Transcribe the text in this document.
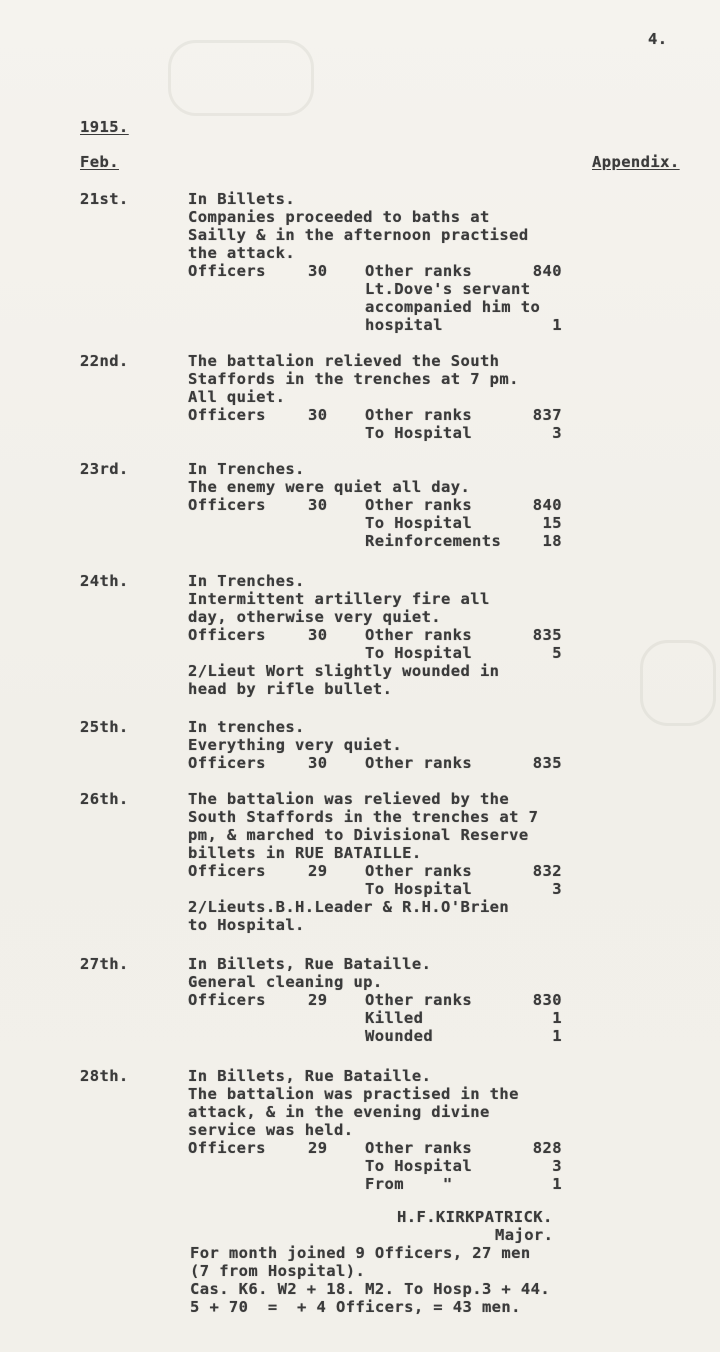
4.
1915.
Feb.	Appendix.
21st.	In Billets.
Companies proceeded to baths at
Sailly & in the afternoon practised
the attack.
Officers	30 Other ranks	840
Lt.Dove's servant
accompanied him to
hospital	1
22nd.	The battalion relieved the South
Staffords in the trenches at 7 pm.
All quiet.
Officers	30 Other ranks	837
To Hospital	3
23rd.	In Trenches.
The enemy were quiet all day.
Officers	30 Other ranks	840
To Hospital	15
Reinforcements	18
24th.	In Trenches.
Intermittent artillery fire all
day, otherwise very quiet.
Officers	30 Other ranks	835
To Hospital	5
2/Lieut Wort slightly wounded in
head by rifle bullet.
25th.	In trenches.
Everything very quiet.
Officers	30 Other ranks	835
26th.	The battalion was relieved by the
South Staffords in the trenches at 7
pm, & marched to Divisional Reserve
billets in RUE BATAILLE.
Officers	29 Other ranks	832
To Hospital	3
2/Lieuts.B.H.Leader & R.H.O'Brien
to Hospital.
27th.	In Billets, Rue Bataille.
General cleaning up.
Officers	29 Other ranks	830
Killed	1
Wounded	1
28th.	In Billets, Rue Bataille.
The battalion was practised in the
attack, & in the evening divine
service was held.
Officers	29 Other ranks	828
To Hospital	3
From    "	1
H.F.KIRKPATRICK.
Major.
For month joined 9 Officers, 27 men
(7 from Hospital).
Cas. K6. W2 + 18. M2. To Hosp.3 + 44.
5 + 70  =  + 4 Officers, = 43 men.
